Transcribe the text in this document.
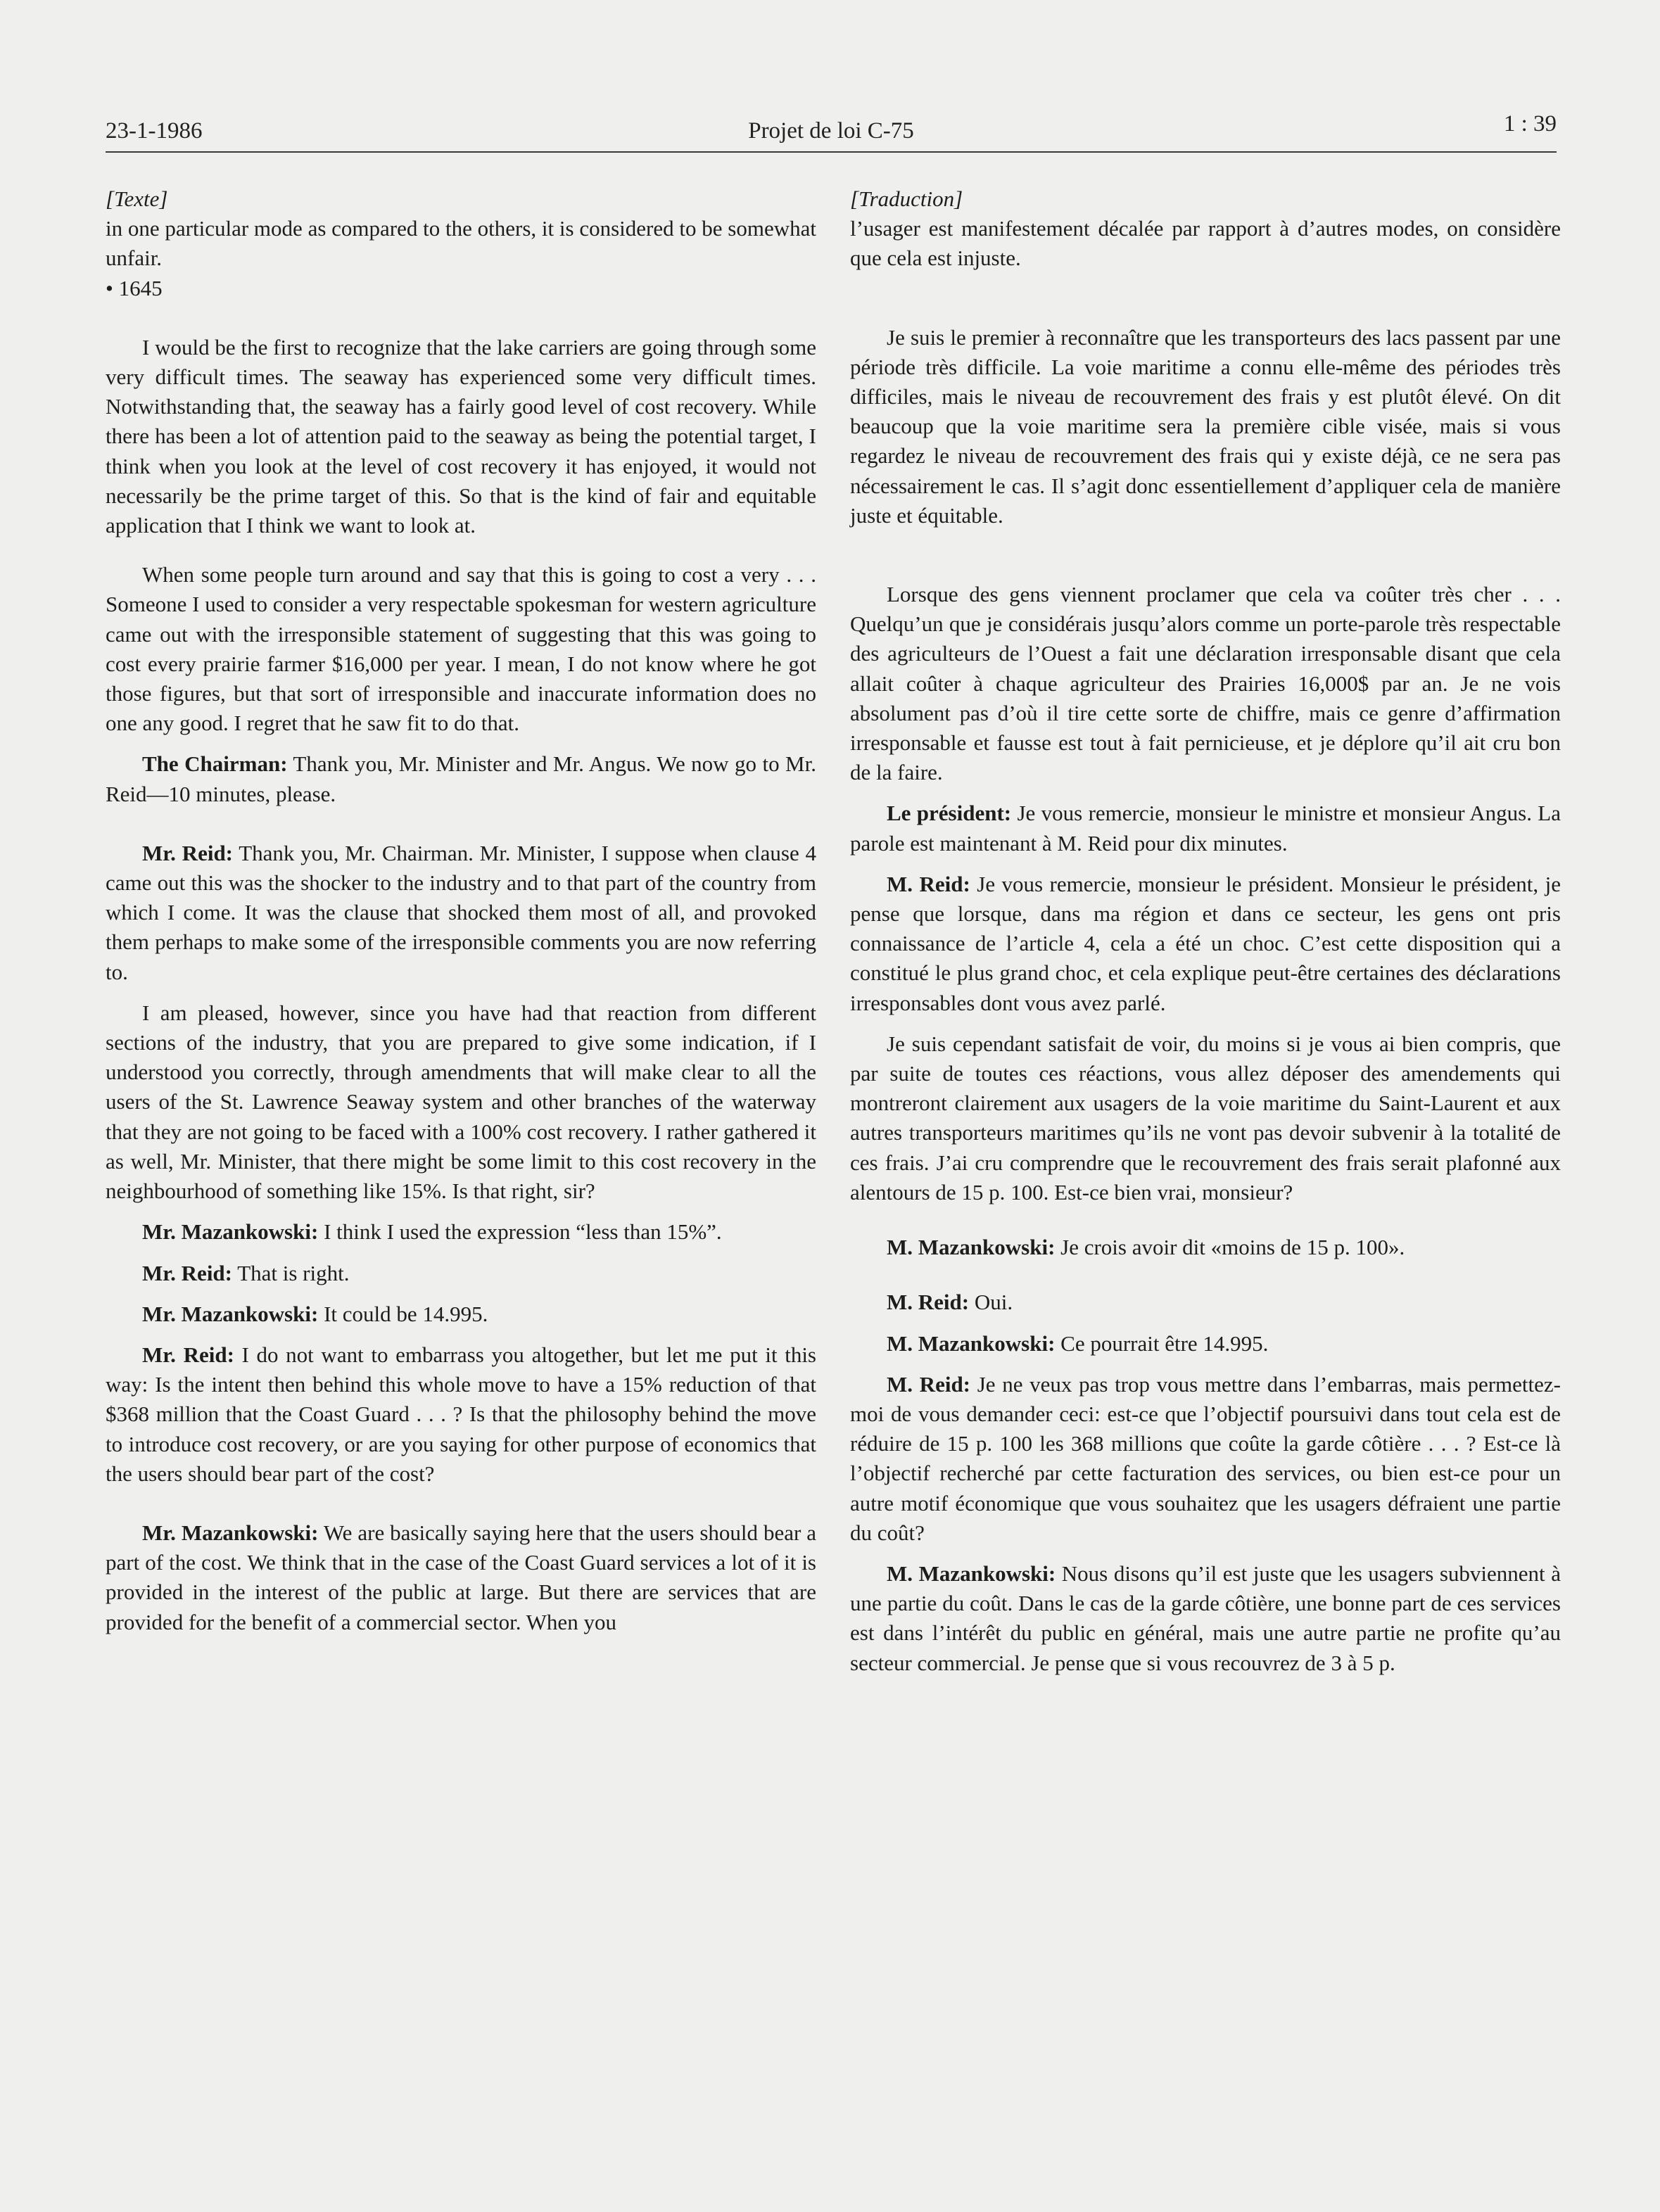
23-1-1986	Projet de loi C-75	1 : 39

[Texte]

in one particular mode as compared to the others, it is considered to be somewhat unfair.

• 1645

I would be the first to recognize that the lake carriers are going through some very difficult times. The seaway has experienced some very difficult times. Notwithstanding that, the seaway has a fairly good level of cost recovery. While there has been a lot of attention paid to the seaway as being the potential target, I think when you look at the level of cost recovery it has enjoyed, it would not necessarily be the prime target of this. So that is the kind of fair and equitable application that I think we want to look at.

When some people turn around and say that this is going to cost a very . . . Someone I used to consider a very respectable spokesman for western agriculture came out with the irresponsible statement of suggesting that this was going to cost every prairie farmer $16,000 per year. I mean, I do not know where he got those figures, but that sort of irresponsible and inaccurate information does no one any good. I regret that he saw fit to do that.

The Chairman: Thank you, Mr. Minister and Mr. Angus. We now go to Mr. Reid—10 minutes, please.

Mr. Reid: Thank you, Mr. Chairman. Mr. Minister, I suppose when clause 4 came out this was the shocker to the industry and to that part of the country from which I come. It was the clause that shocked them most of all, and provoked them perhaps to make some of the irresponsible comments you are now referring to.

I am pleased, however, since you have had that reaction from different sections of the industry, that you are prepared to give some indication, if I understood you correctly, through amendments that will make clear to all the users of the St. Lawrence Seaway system and other branches of the waterway that they are not going to be faced with a 100% cost recovery. I rather gathered it as well, Mr. Minister, that there might be some limit to this cost recovery in the neighbourhood of something like 15%. Is that right, sir?

Mr. Mazankowski: I think I used the expression “less than 15%”.

Mr. Reid: That is right.

Mr. Mazankowski: It could be 14.995.

Mr. Reid: I do not want to embarrass you altogether, but let me put it this way: Is the intent then behind this whole move to have a 15% reduction of that $368 million that the Coast Guard . . . ? Is that the philosophy behind the move to introduce cost recovery, or are you saying for other purpose of economics that the users should bear part of the cost?

Mr. Mazankowski: We are basically saying here that the users should bear a part of the cost. We think that in the case of the Coast Guard services a lot of it is provided in the interest of the public at large. But there are services that are provided for the benefit of a commercial sector. When you

[Traduction]

l’usager est manifestement décalée par rapport à d’autres modes, on considère que cela est injuste.

Je suis le premier à reconnaître que les transporteurs des lacs passent par une période très difficile. La voie maritime a connu elle-même des périodes très difficiles, mais le niveau de recouvrement des frais y est plutôt élevé. On dit beaucoup que la voie maritime sera la première cible visée, mais si vous regardez le niveau de recouvrement des frais qui y existe déjà, ce ne sera pas nécessairement le cas. Il s’agit donc essentiellement d’appliquer cela de manière juste et équitable.

Lorsque des gens viennent proclamer que cela va coûter très cher . . . Quelqu’un que je considérais jusqu’alors comme un porte-parole très respectable des agriculteurs de l’Ouest a fait une déclaration irresponsable disant que cela allait coûter à chaque agriculteur des Prairies 16,000$ par an. Je ne vois absolument pas d’où il tire cette sorte de chiffre, mais ce genre d’affirmation irresponsable et fausse est tout à fait pernicieuse, et je déplore qu’il ait cru bon de la faire.

Le président: Je vous remercie, monsieur le ministre et monsieur Angus. La parole est maintenant à M. Reid pour dix minutes.

M. Reid: Je vous remercie, monsieur le président. Monsieur le président, je pense que lorsque, dans ma région et dans ce secteur, les gens ont pris connaissance de l’article 4, cela a été un choc. C’est cette disposition qui a constitué le plus grand choc, et cela explique peut-être certaines des déclarations irresponsables dont vous avez parlé.

Je suis cependant satisfait de voir, du moins si je vous ai bien compris, que par suite de toutes ces réactions, vous allez déposer des amendements qui montreront clairement aux usagers de la voie maritime du Saint-Laurent et aux autres transporteurs maritimes qu’ils ne vont pas devoir subvenir à la totalité de ces frais. J’ai cru comprendre que le recouvrement des frais serait plafonné aux alentours de 15 p. 100. Est-ce bien vrai, monsieur?

M. Mazankowski: Je crois avoir dit «moins de 15 p. 100».

M. Reid: Oui.

M. Mazankowski: Ce pourrait être 14.995.

M. Reid: Je ne veux pas trop vous mettre dans l’embarras, mais permettez-moi de vous demander ceci: est-ce que l’objectif poursuivi dans tout cela est de réduire de 15 p. 100 les 368 millions que coûte la garde côtière . . . ? Est-ce là l’objectif recherché par cette facturation des services, ou bien est-ce pour un autre motif économique que vous souhaitez que les usagers défraient une partie du coût?

M. Mazankowski: Nous disons qu’il est juste que les usagers subviennent à une partie du coût. Dans le cas de la garde côtière, une bonne part de ces services est dans l’intérêt du public en général, mais une autre partie ne profite qu’au secteur commercial. Je pense que si vous recouvrez de 3 à 5 p.
